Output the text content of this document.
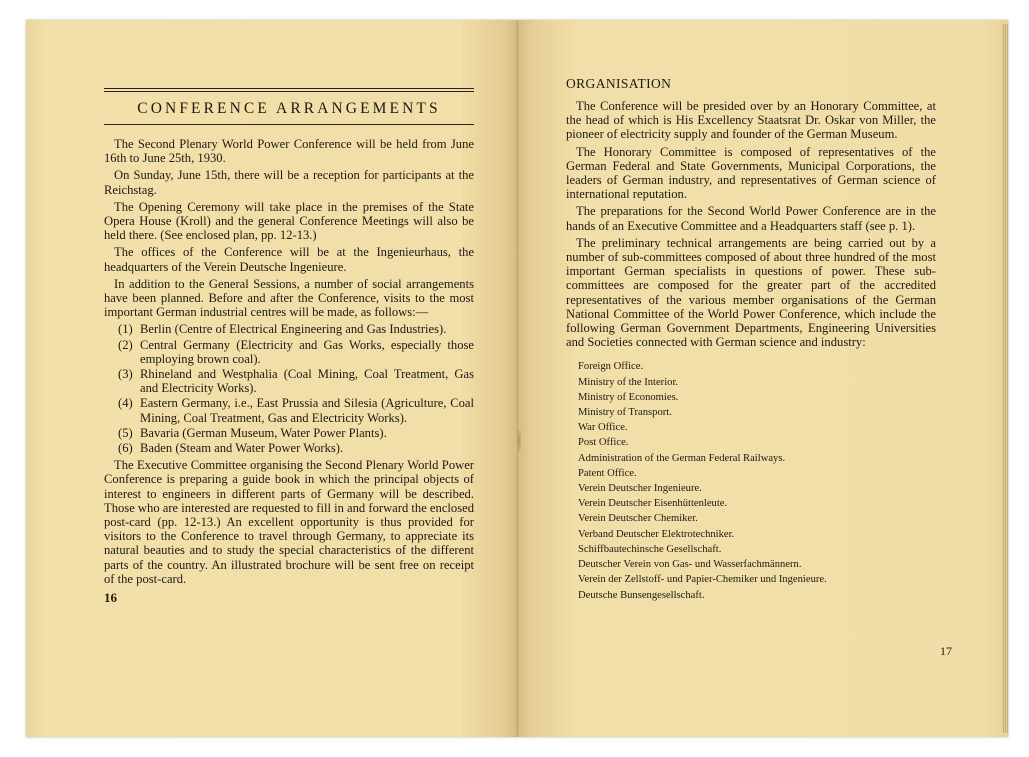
CONFERENCE ARRANGEMENTS

The Second Plenary World Power Conference will be held from June 16th to June 25th, 1930.

On Sunday, June 15th, there will be a reception for participants at the Reichstag.

The Opening Ceremony will take place in the premises of the State Opera House (Kroll) and the general Conference Meetings will also be held there. (See enclosed plan, pp. 12-13.)

The offices of the Conference will be at the Ingenieurhaus, the headquarters of the Verein Deutsche Ingenieure.

In addition to the General Sessions, a number of social arrangements have been planned. Before and after the Conference, visits to the most important German industrial centres will be made, as follows:—

(1) Berlin (Centre of Electrical Engineering and Gas Industries).
(2) Central Germany (Electricity and Gas Works, especially those employing brown coal).
(3) Rhineland and Westphalia (Coal Mining, Coal Treatment, Gas and Electricity Works).
(4) Eastern Germany, i.e., East Prussia and Silesia (Agriculture, Coal Mining, Coal Treatment, Gas and Electricity Works).
(5) Bavaria (German Museum, Water Power Plants).
(6) Baden (Steam and Water Power Works).

The Executive Committee organising the Second Plenary World Power Conference is preparing a guide book in which the principal objects of interest to engineers in different parts of Germany will be described. Those who are interested are requested to fill in and forward the enclosed post-card (pp. 12-13.) An excellent opportunity is thus provided for visitors to the Conference to travel through Germany, to appreciate its natural beauties and to study the special characteristics of the different parts of the country. An illustrated brochure will be sent free on receipt of the post-card.

16
ORGANISATION

The Conference will be presided over by an Honorary Committee, at the head of which is His Excellency Staatsrat Dr. Oskar von Miller, the pioneer of electricity supply and founder of the German Museum.

The Honorary Committee is composed of representatives of the German Federal and State Governments, Municipal Corporations, the leaders of German industry, and representatives of German science of international reputation.

The preparations for the Second World Power Conference are in the hands of an Executive Committee and a Headquarters staff (see p. 1).

The preliminary technical arrangements are being carried out by a number of sub-committees composed of about three hundred of the most important German specialists in questions of power. These sub-committees are composed for the greater part of the accredited representatives of the various member organisations of the German National Committee of the World Power Conference, which include the following German Government Departments, Engineering Universities and Societies connected with German science and industry:

Foreign Office.
Ministry of the Interior.
Ministry of Economies.
Ministry of Transport.
War Office.
Post Office.
Administration of the German Federal Railways.
Patent Office.
Verein Deutscher Ingenieure.
Verein Deutscher Eisenhüttenleute.
Verein Deutscher Chemiker.
Verband Deutscher Elektrotechniker.
Schiffbautechinsche Gesellschaft.
Deutscher Verein von Gas- und Wasserfachmännern.
Verein der Zellstoff- und Papier-Chemiker und Ingenieure.
Deutsche Bunsengesellschaft.
17
